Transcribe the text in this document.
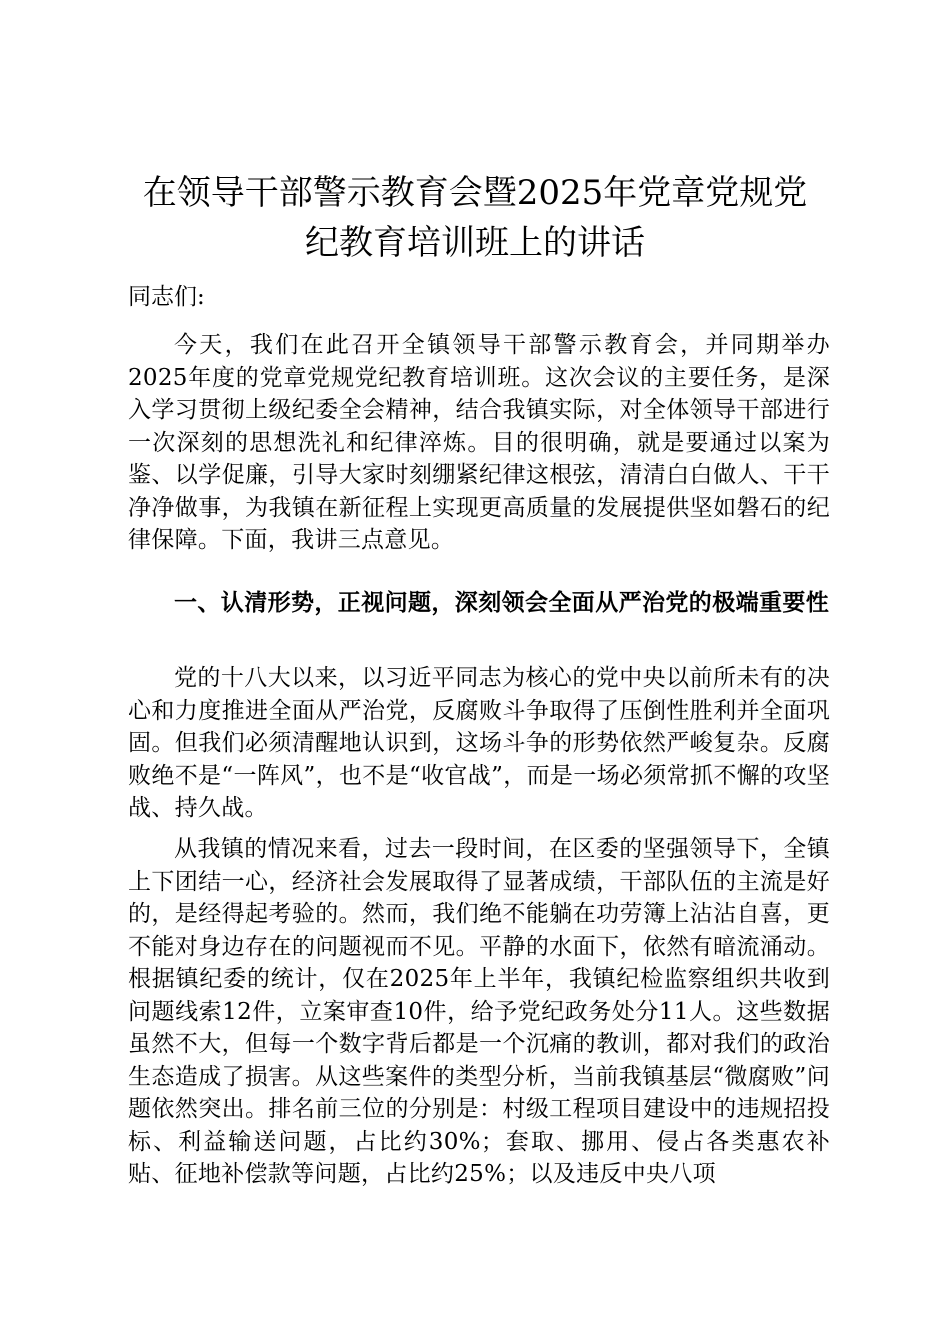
在领导干部警示教育会暨2025年党章党规党
纪教育培训班上的讲话

同志们:

今天，我们在此召开全镇领导干部警示教育会，并同期举办2025年度的党章党规党纪教育培训班。这次会议的主要任务，是深入学习贯彻上级纪委全会精神，结合我镇实际，对全体领导干部进行一次深刻的思想洗礼和纪律淬炼。目的很明确，就是要通过以案为鉴、以学促廉，引导大家时刻绷紧纪律这根弦，清清白白做人、干干净净做事，为我镇在新征程上实现更高质量的发展提供坚如磐石的纪律保障。下面，我讲三点意见。

一、认清形势，正视问题，深刻领会全面从严治党的极端重要性

党的十八大以来，以习近平同志为核心的党中央以前所未有的决心和力度推进全面从严治党，反腐败斗争取得了压倒性胜利并全面巩固。但我们必须清醒地认识到，这场斗争的形势依然严峻复杂。反腐败绝不是“一阵风”，也不是“收官战”，而是一场必须常抓不懈的攻坚战、持久战。

从我镇的情况来看，过去一段时间，在区委的坚强领导下，全镇上下团结一心，经济社会发展取得了显著成绩，干部队伍的主流是好的，是经得起考验的。然而，我们绝不能躺在功劳簿上沾沾自喜，更不能对身边存在的问题视而不见。平静的水面下，依然有暗流涌动。根据镇纪委的统计，仅在2025年上半年，我镇纪检监察组织共收到问题线索12件，立案审查10件，给予党纪政务处分11人。这些数据虽然不大，但每一个数字背后都是一个沉痛的教训，都对我们的政治生态造成了损害。从这些案件的类型分析，当前我镇基层“微腐败”问题依然突出。排名前三位的分别是：村级工程项目建设中的违规招投标、利益输送问题，占比约30%；套取、挪用、侵占各类惠农补贴、征地补偿款等问题，占比约25%；以及违反中央八项
